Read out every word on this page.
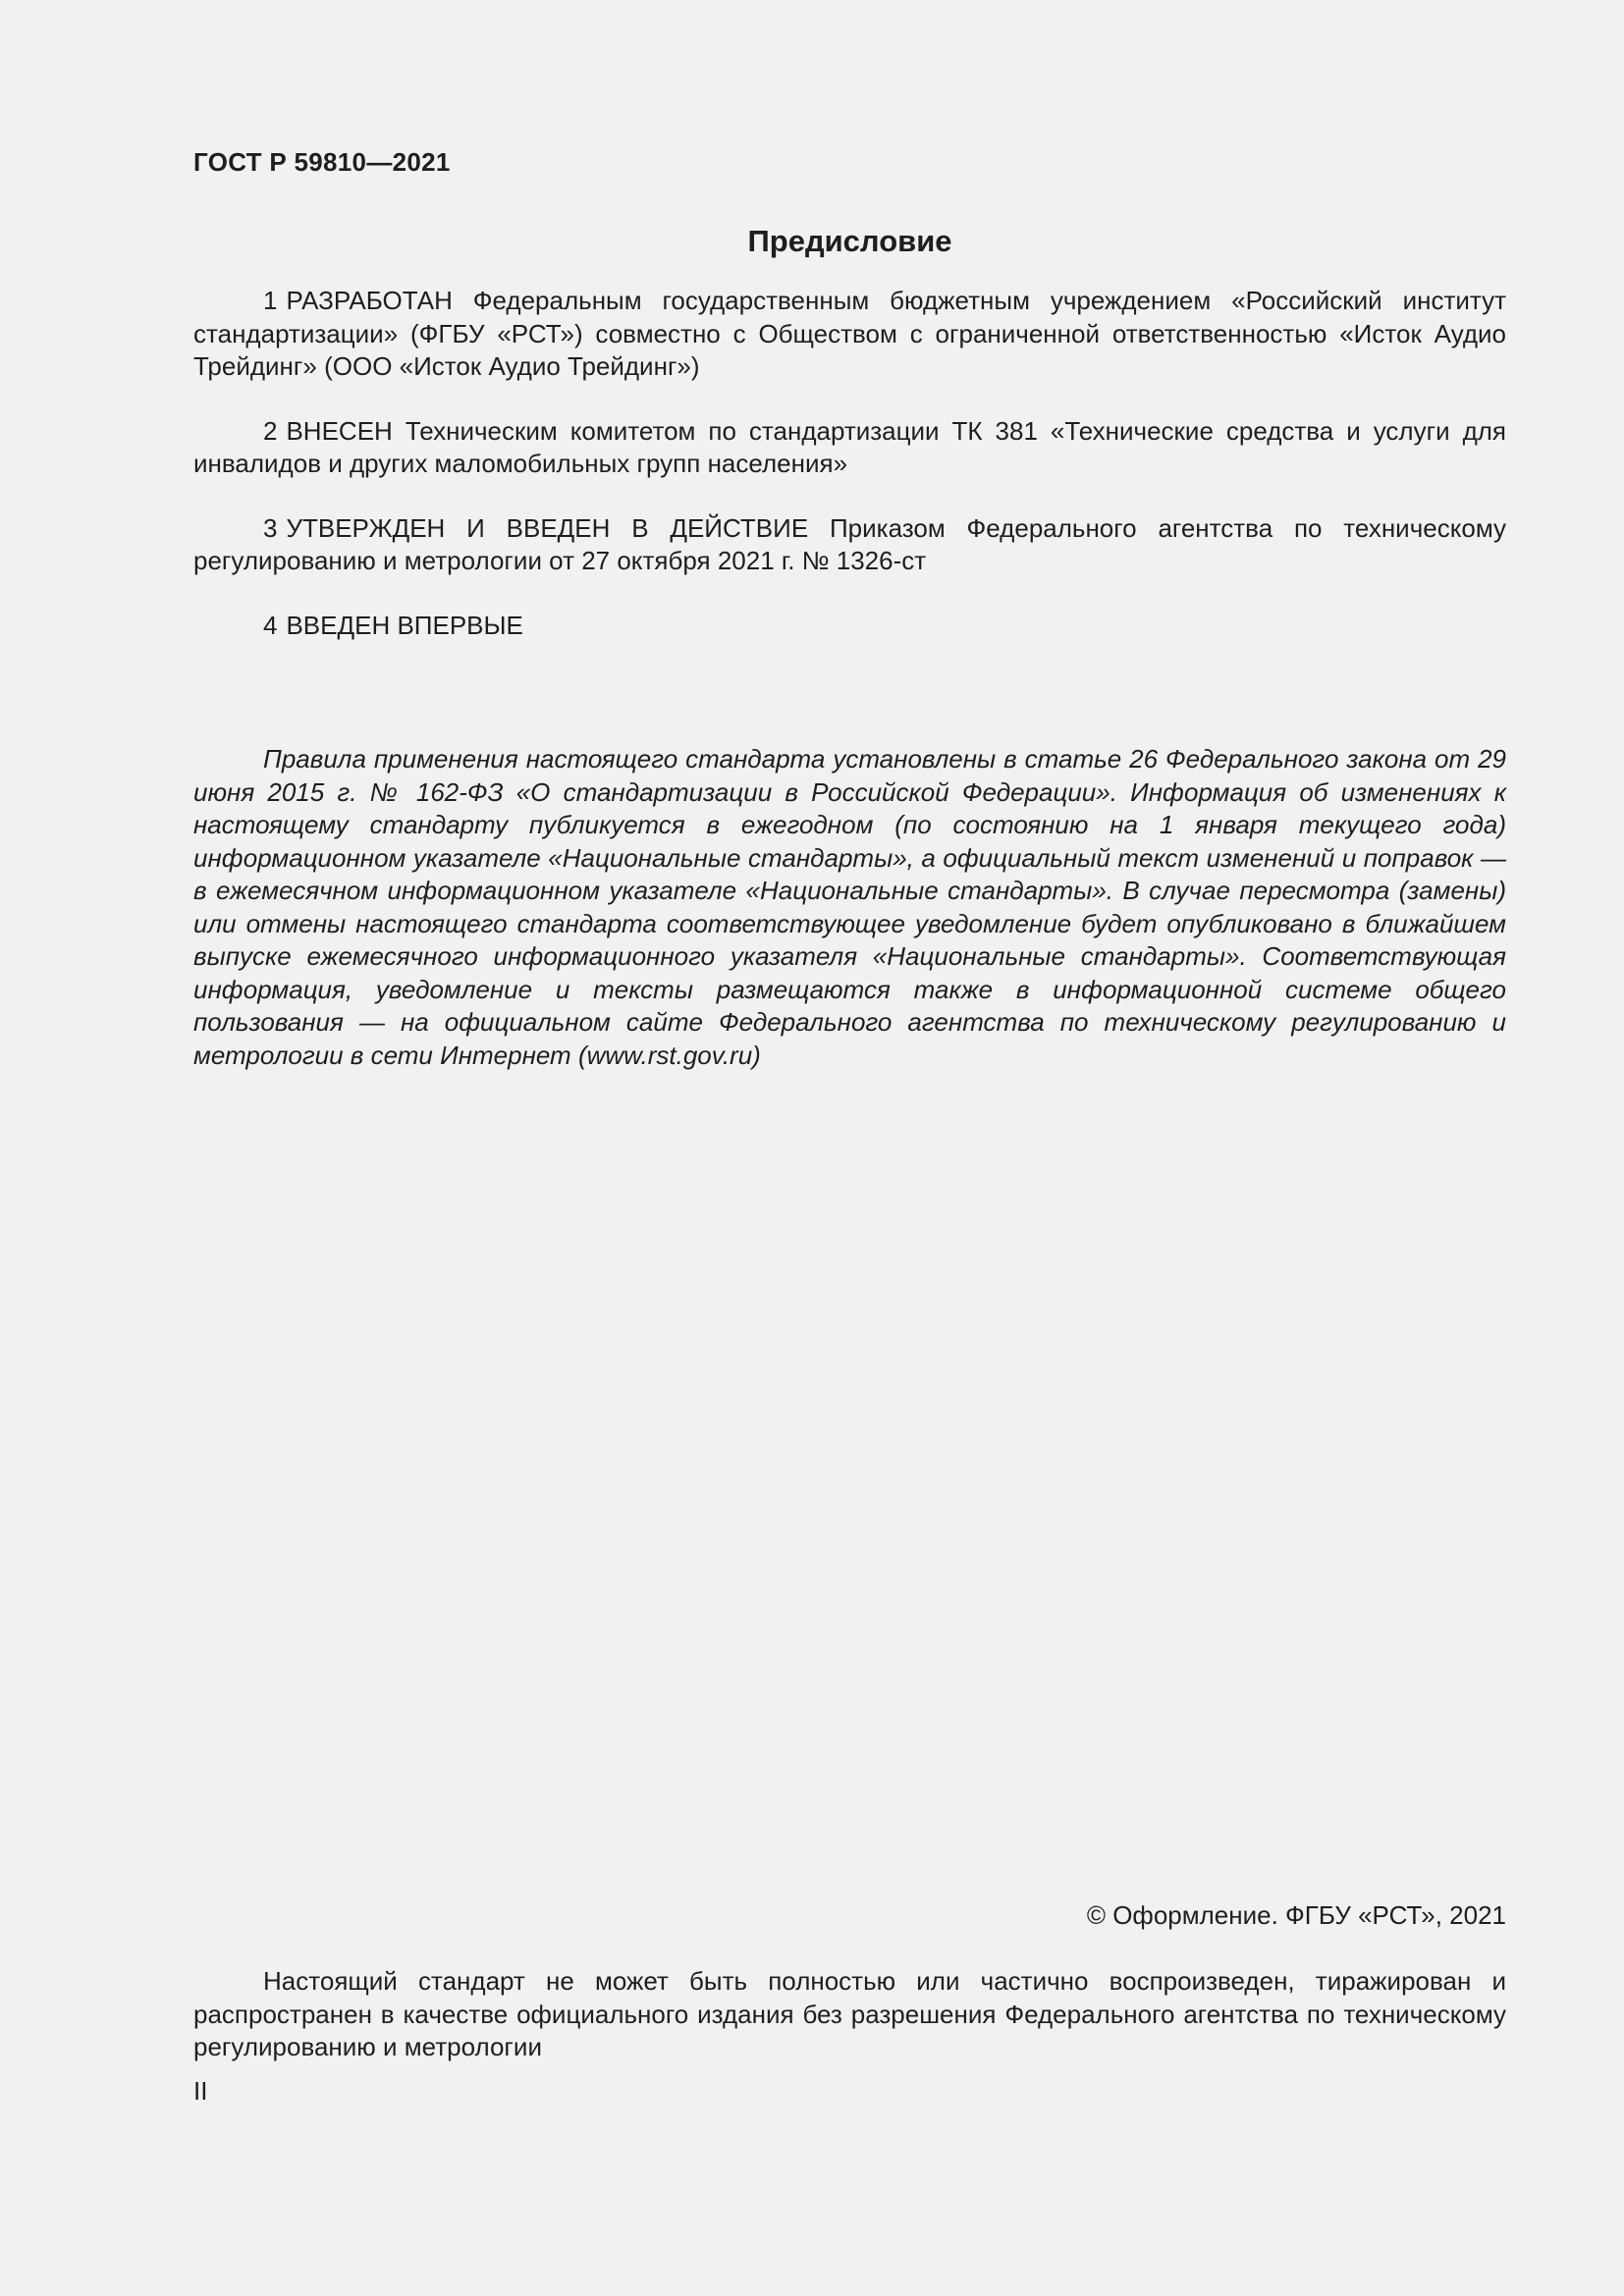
ГОСТ Р 59810—2021
Предисловие

1 РАЗРАБОТАН Федеральным государственным бюджетным учреждением «Российский институт стандартизации» (ФГБУ «РСТ») совместно с Обществом с ограниченной ответственностью «Исток Аудио Трейдинг» (ООО «Исток Аудио Трейдинг»)

2 ВНЕСЕН Техническим комитетом по стандартизации ТК 381 «Технические средства и услуги для инвалидов и других маломобильных групп населения»

3 УТВЕРЖДЕН И ВВЕДЕН В ДЕЙСТВИЕ Приказом Федерального агентства по техническому регулированию и метрологии от 27 октября 2021 г. № 1326-ст

4 ВВЕДЕН ВПЕРВЫЕ

Правила применения настоящего стандарта установлены в статье 26 Федерального закона от 29 июня 2015 г. № 162-ФЗ «О стандартизации в Российской Федерации». Информация об изменениях к настоящему стандарту публикуется в ежегодном (по состоянию на 1 января текущего года) информационном указателе «Национальные стандарты», а официальный текст изменений и поправок — в ежемесячном информационном указателе «Национальные стандарты». В случае пересмотра (замены) или отмены настоящего стандарта соответствующее уведомление будет опубликовано в ближайшем выпуске ежемесячного информационного указателя «Национальные стандарты». Соответствующая информация, уведомление и тексты размещаются также в информационной системе общего пользования — на официальном сайте Федерального агентства по техническому регулированию и метрологии в сети Интернет (www.rst.gov.ru)

© Оформление. ФГБУ «РСТ», 2021

Настоящий стандарт не может быть полностью или частично воспроизведен, тиражирован и распространен в качестве официального издания без разрешения Федерального агентства по техническому регулированию и метрологии

II
